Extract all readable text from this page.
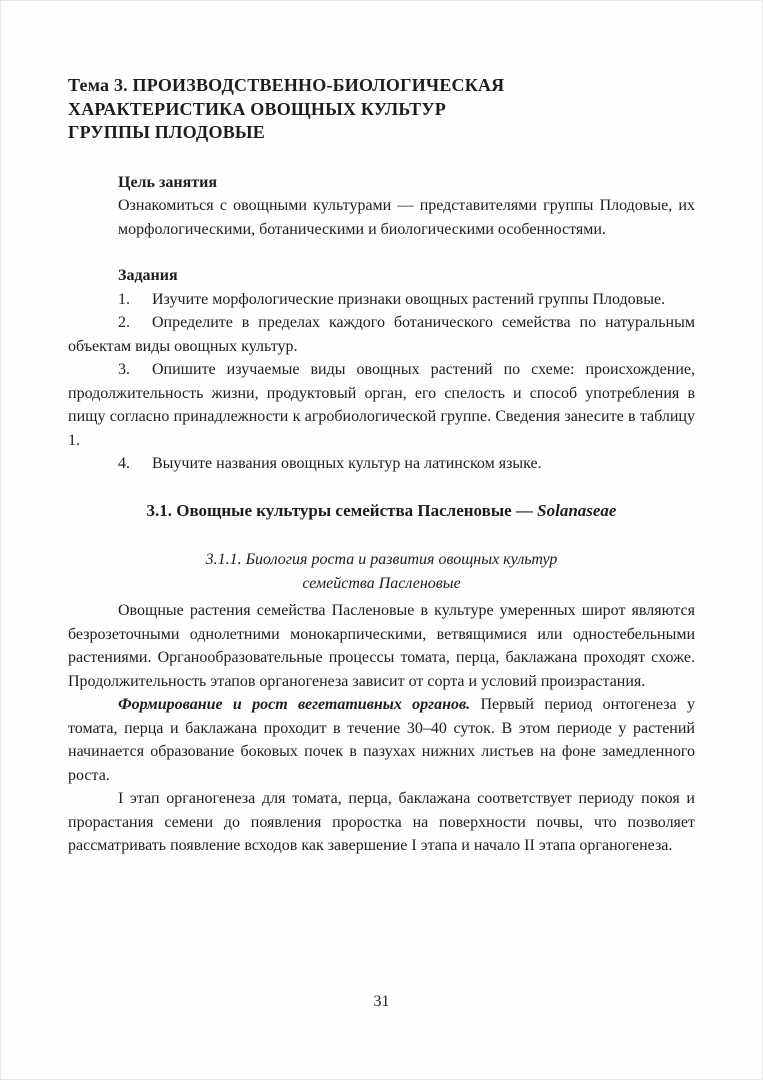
Тема 3. ПРОИЗВОДСТВЕННО-БИОЛОГИЧЕСКАЯ
ХАРАКТЕРИСТИКА ОВОЩНЫХ КУЛЬТУР
ГРУППЫ ПЛОДОВЫЕ
Цель занятия

Ознакомиться с овощными культурами — представителями группы Плодовые, их морфологическими, ботаническими и биологическими особенностями.

Задания

1. Изучите морфологические признаки овощных растений группы Плодовые.

2. Определите в пределах каждого ботанического семейства по натуральным объектам виды овощных культур.

3. Опишите изучаемые виды овощных растений по схеме: происхождение, продолжительность жизни, продуктовый орган, его спелость и способ употребления в пищу согласно принадлежности к агробиологической группе. Сведения занесите в таблицу 1.

4. Выучите названия овощных культур на латинском языке.

3.1. Овощные культуры семейства Пасленовые — Solanaseae
3.1.1. Биология роста и развития овощных культур
семейства Пасленовые

Овощные растения семейства Пасленовые в культуре умеренных широт являются безрозеточными однолетними монокарпическими, ветвящимися или одностебельными растениями. Органообразовательные процессы томата, перца, баклажана проходят схоже. Продолжительность этапов органогенеза зависит от сорта и условий произрастания.

Формирование и рост вегетативных органов. Первый период онтогенеза у томата, перца и баклажана проходит в течение 30–40 суток. В этом периоде у растений начинается образование боковых почек в пазухах нижних листьев на фоне замедленного роста.

I этап органогенеза для томата, перца, баклажана соответствует периоду покоя и прорастания семени до появления проростка на поверхности почвы, что позволяет рассматривать появление всходов как завершение I этапа и начало II этапа органогенеза.

31
